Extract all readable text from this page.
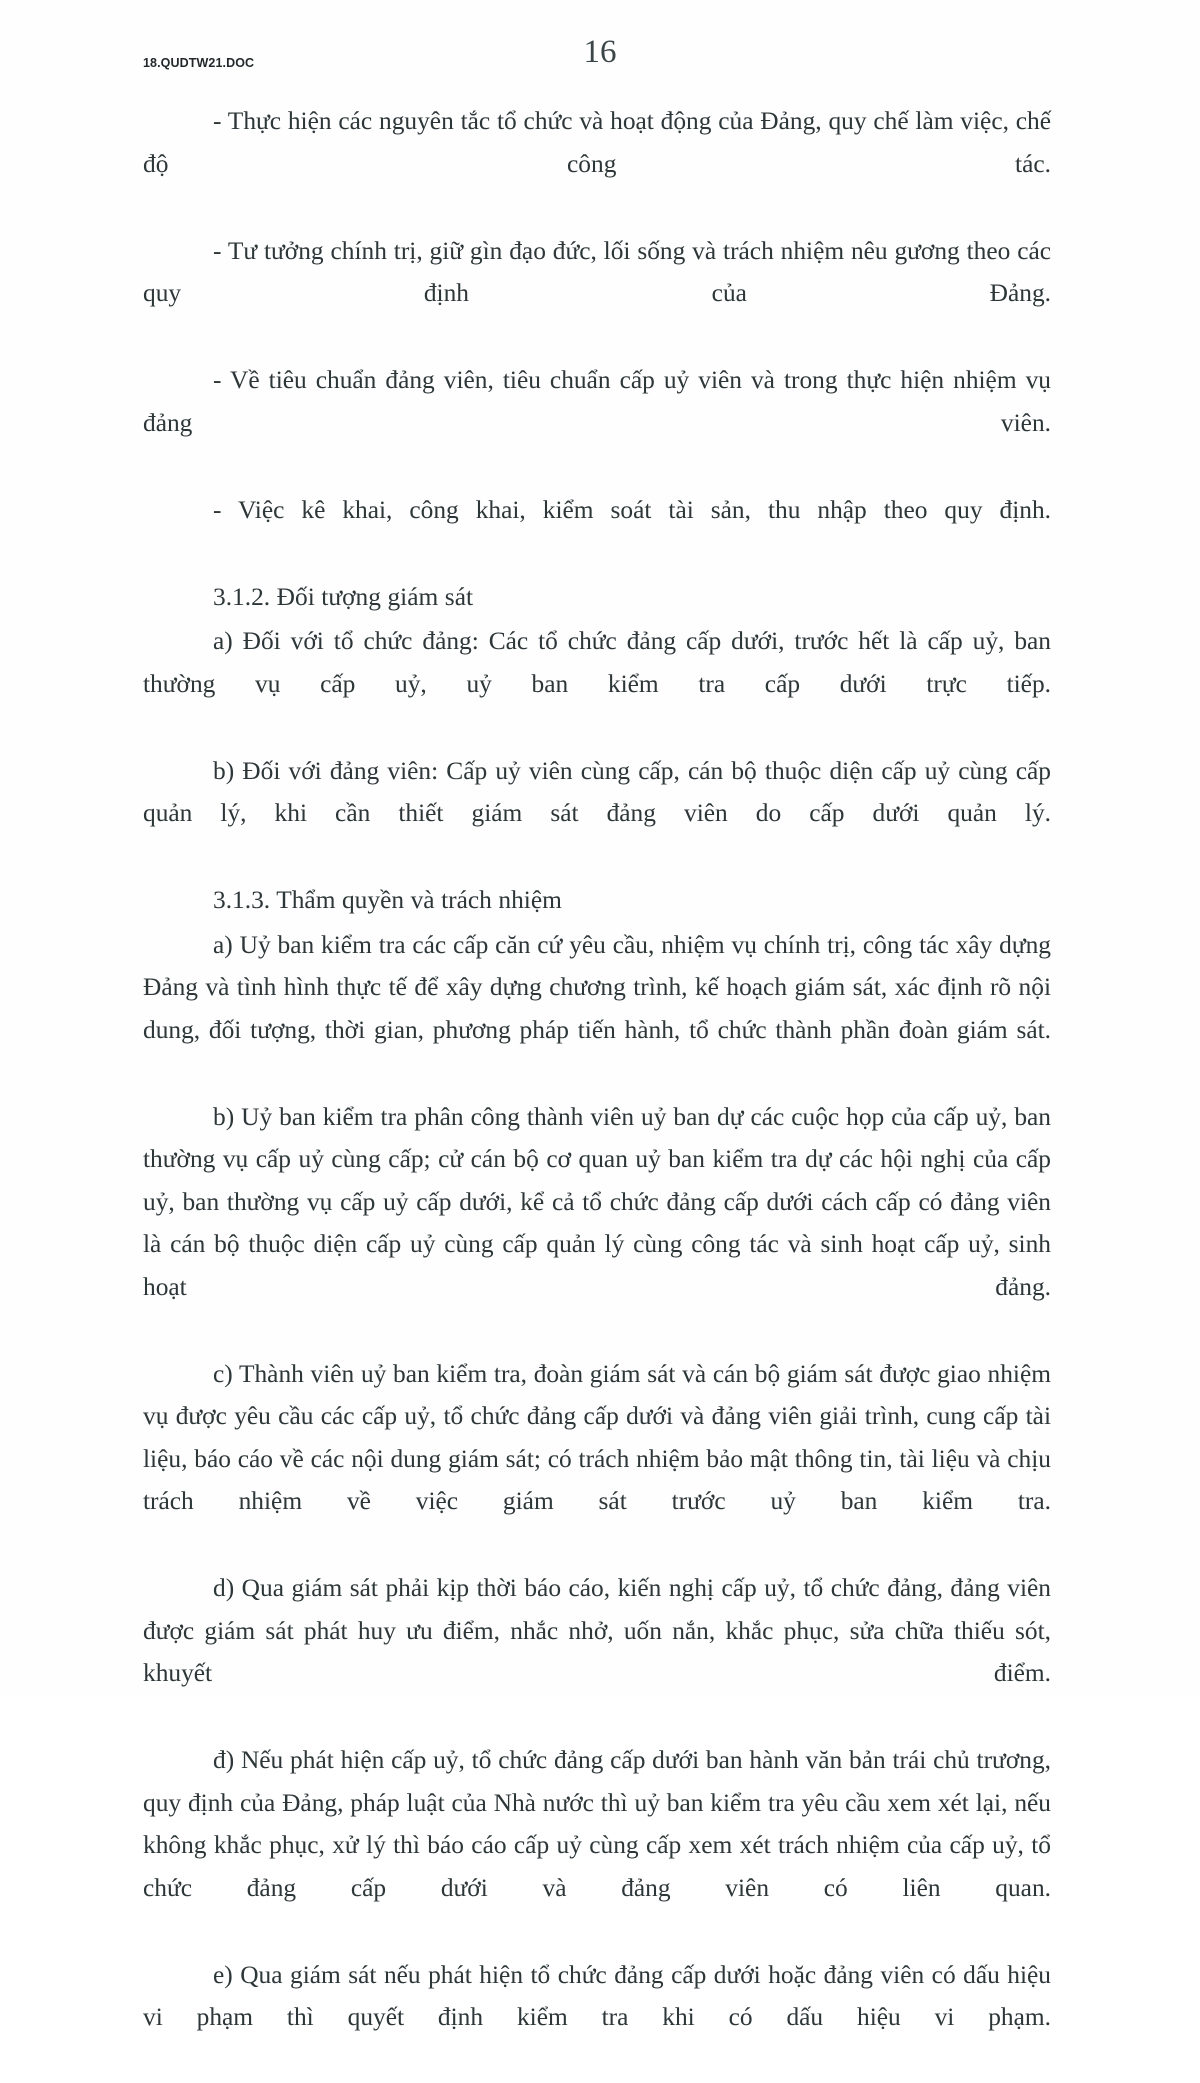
18.QUDTW21.DOC	16

- Thực hiện các nguyên tắc tổ chức và hoạt động của Đảng, quy chế làm việc, chế độ công tác.

- Tư tưởng chính trị, giữ gìn đạo đức, lối sống và trách nhiệm nêu gương theo các quy định của Đảng.

- Về tiêu chuẩn đảng viên, tiêu chuẩn cấp uỷ viên và trong thực hiện nhiệm vụ đảng viên.

- Việc kê khai, công khai, kiểm soát tài sản, thu nhập theo quy định.

3.1.2. Đối tượng giám sát

a) Đối với tổ chức đảng: Các tổ chức đảng cấp dưới, trước hết là cấp uỷ, ban thường vụ cấp uỷ, uỷ ban kiểm tra cấp dưới trực tiếp.

b) Đối với đảng viên: Cấp uỷ viên cùng cấp, cán bộ thuộc diện cấp uỷ cùng cấp quản lý, khi cần thiết giám sát đảng viên do cấp dưới quản lý.

3.1.3. Thẩm quyền và trách nhiệm

a) Uỷ ban kiểm tra các cấp căn cứ yêu cầu, nhiệm vụ chính trị, công tác xây dựng Đảng và tình hình thực tế để xây dựng chương trình, kế hoạch giám sát, xác định rõ nội dung, đối tượng, thời gian, phương pháp tiến hành, tổ chức thành phần đoàn giám sát.

b) Uỷ ban kiểm tra phân công thành viên uỷ ban dự các cuộc họp của cấp uỷ, ban thường vụ cấp uỷ cùng cấp; cử cán bộ cơ quan uỷ ban kiểm tra dự các hội nghị của cấp uỷ, ban thường vụ cấp uỷ cấp dưới, kể cả tổ chức đảng cấp dưới cách cấp có đảng viên là cán bộ thuộc diện cấp uỷ cùng cấp quản lý cùng công tác và sinh hoạt cấp uỷ, sinh hoạt đảng.

c) Thành viên uỷ ban kiểm tra, đoàn giám sát và cán bộ giám sát được giao nhiệm vụ được yêu cầu các cấp uỷ, tổ chức đảng cấp dưới và đảng viên giải trình, cung cấp tài liệu, báo cáo về các nội dung giám sát; có trách nhiệm bảo mật thông tin, tài liệu và chịu trách nhiệm về việc giám sát trước uỷ ban kiểm tra.

d) Qua giám sát phải kịp thời báo cáo, kiến nghị cấp uỷ, tổ chức đảng, đảng viên được giám sát phát huy ưu điểm, nhắc nhở, uốn nắn, khắc phục, sửa chữa thiếu sót, khuyết điểm.

đ) Nếu phát hiện cấp uỷ, tổ chức đảng cấp dưới ban hành văn bản trái chủ trương, quy định của Đảng, pháp luật của Nhà nước thì uỷ ban kiểm tra yêu cầu xem xét lại, nếu không khắc phục, xử lý thì báo cáo cấp uỷ cùng cấp xem xét trách nhiệm của cấp uỷ, tổ chức đảng cấp dưới và đảng viên có liên quan.

e) Qua giám sát nếu phát hiện tổ chức đảng cấp dưới hoặc đảng viên có dấu hiệu vi phạm thì quyết định kiểm tra khi có dấu hiệu vi phạm.
